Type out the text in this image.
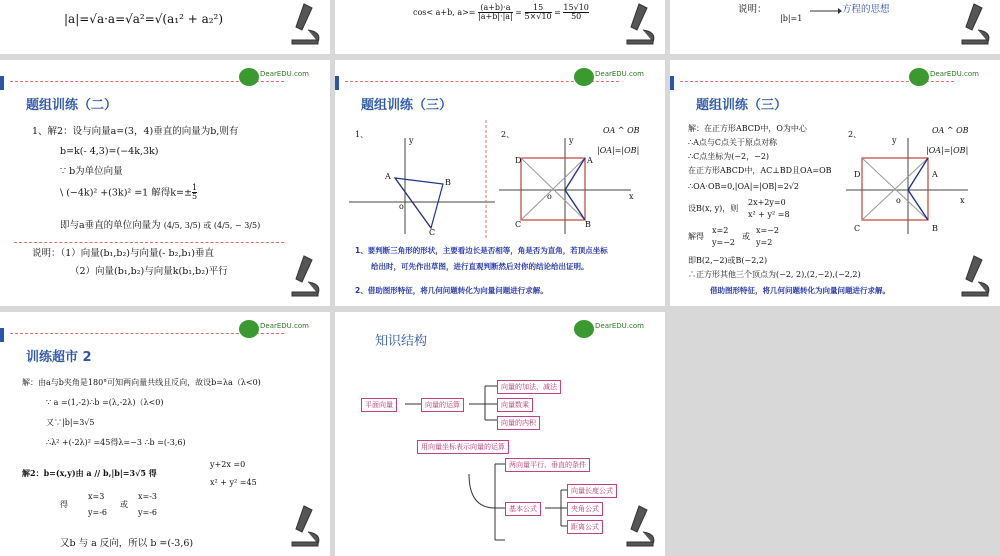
|a|=√a·a=√a²=√(a₁² + a₂²)	cos< a+b, $a>= \frac{(a+b)\cdot a}{|a+b|\cdot|a|} = \frac{15}{5\times√10} = \frac{15√10}{50}$	说明：
|b|=1
方程的思想
DearEDU.com
题组训练（二）
1、解2：设与向量a=(3，4)垂直的向量为b,则有
b=k(- 4,3)=(−4k,3k)
∵ b为单位向量
\ (−4k)² +(3k)² =1 解得$k=\pm \frac{1}{5}$
即与a垂直的单位向量为 (4/5, 3/5) 或 (4/5, − 3/5)
说明：（1）向量(b₁,b₂)与向量(- b₂,b₁)垂直
（2）向量(b₁,b₂)与向量k(b₁,b₂)平行
DearEDU.com
题组训练（三）
1、	2、	OA ^ OB
|OA|=|OB|
y
A
B
o
C
y
D	A
o
C	B
x
1、要判断三角形的形状，主要看边长是否相等，角是否为直角，若顶点坐标
给出时，可先作出草图，进行直观判断然后对你的结论给出证明。
2、借助图形特征，将几何问题转化为向量问题进行求解。
DearEDU.com
题组训练（三）
解：在正方形ABCD中，O为中心
∴A点与C点关于原点对称
∴C点坐标为(−2，−2)
在正方形ABCD中，AC⊥BD且OA=OB
∴OA·OB=0,|OA|=|OB|=2√2
设B(x, y)，则
2x+2y=0
x² + y² =8
解得
x=2
y=−2
或
x=−2
y=2
即B(2,−2)或B(−2,2)
∴正方形其他三个顶点为(−2, 2),(2,−2),(−2,2)
2、	OA ^ OB
|OA|=|OB|
y
D	A
o
C	B
x
借助图形特征，将几何问题转化为向量问题进行求解。
DearEDU.com
训练超市 2
解：由a与b夹角是180°可知两向量共线且反向，故设b=λa（λ<0)
∵ a =(1,-2)∴b =(λ,-2λ)（λ<0)
又∵|b|=3√5
∴λ² +(-2λ)² =45得λ=−3 ∴b =(-3,6)
解2：b=(x,y)由 a // b,|b|=3√5 得
y+2x =0
x² + y² =45
得
x=3
y=-6
或
x=-3
y=-6
又b 与 a 反向，所以 b =(-3,6)
DearEDU.com
知识结构
平面向量	向量的运算
向量的加法、减法
向量数乘
向量的内积
用向量坐标表示向量的运算
两向量平行、垂直的条件
基本公式
向量长度公式
夹角公式
距离公式
